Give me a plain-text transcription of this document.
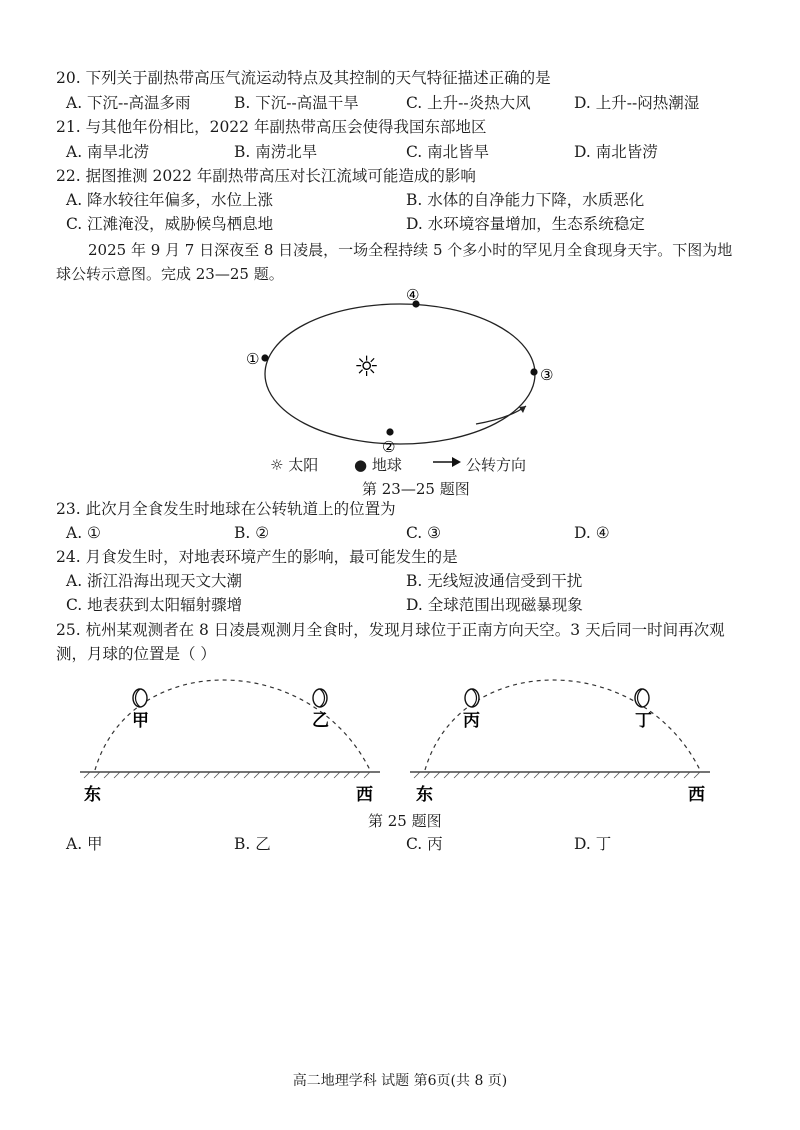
20. 下列关于副热带高压气流运动特点及其控制的天气特征描述正确的是
A. 下沉--高温多雨	B. 下沉--高温干旱	C. 上升--炎热大风	D. 上升--闷热潮湿
21. 与其他年份相比，2022 年副热带高压会使得我国东部地区
A. 南旱北涝	B. 南涝北旱	C. 南北皆旱	D. 南北皆涝
22. 据图推测 2022 年副热带高压对长江流域可能造成的影响
A. 降水较往年偏多，水位上涨	B. 水体的自净能力下降，水质恶化
C. 江滩淹没，威胁候鸟栖息地	D. 水环境容量增加，生态系统稳定
2025 年 9 月 7 日深夜至 8 日凌晨，一场全程持续 5 个多小时的罕见月全食现身天宇。下图为地
球公转示意图。完成 23—25 题。
④
①
③
②
☼
☼ 太阳 ● 地球	公转方向
第 23—25 题图
23. 此次月全食发生时地球在公转轨道上的位置为
A. ①	B. ②	C. ③	D. ④
24. 月食发生时，对地表环境产生的影响，最可能发生的是
A. 浙江沿海出现天文大潮	B. 无线短波通信受到干扰
C. 地表获到太阳辐射骤增	D. 全球范围出现磁暴现象
25. 杭州某观测者在 8 日凌晨观测月全食时，发现月球位于正南方向天空。3 天后同一时间再次观
测，月球的位置是（ ）
甲	乙	丙	丁
东	西	东	西
第 25 题图
A. 甲	B. 乙	C. 丙	D. 丁
高二地理学科 试题 第6页(共 8 页)
